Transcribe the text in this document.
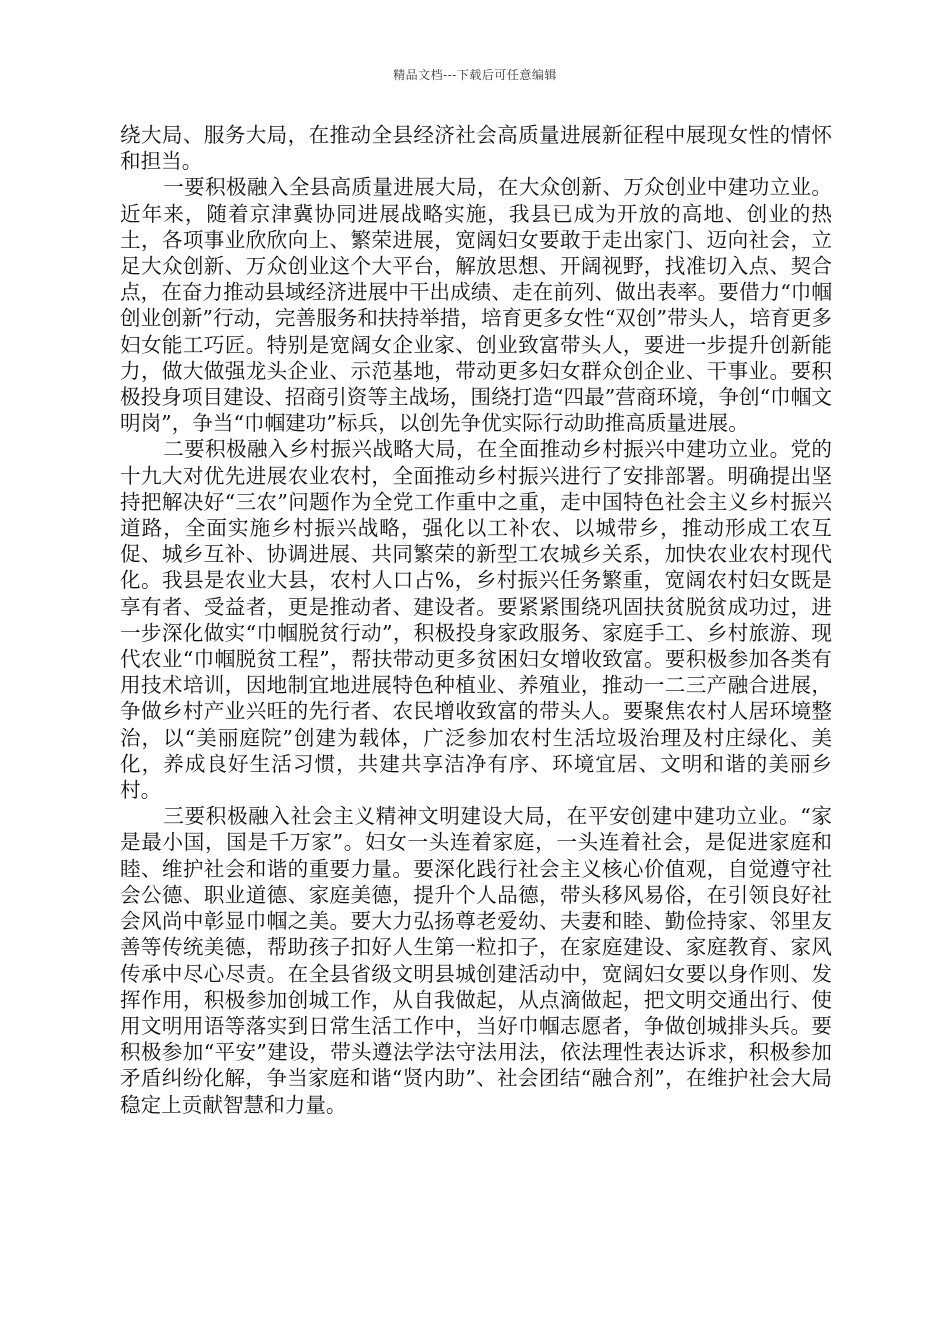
精品文档---下载后可任意编辑

绕大局、服务大局，在推动全县经济社会高质量进展新征程中展现女性的情怀和担当。

一要积极融入全县高质量进展大局，在大众创新、万众创业中建功立业。近年来，随着京津冀协同进展战略实施，我县已成为开放的高地、创业的热土，各项事业欣欣向上、繁荣进展，宽阔妇女要敢于走出家门、迈向社会，立足大众创新、万众创业这个大平台，解放思想、开阔视野，找准切入点、契合点，在奋力推动县域经济进展中干出成绩、走在前列、做出表率。要借力“巾帼创业创新”行动，完善服务和扶持举措，培育更多女性“双创”带头人，培育更多妇女能工巧匠。特别是宽阔女企业家、创业致富带头人，要进一步提升创新能力，做大做强龙头企业、示范基地，带动更多妇女群众创企业、干事业。要积极投身项目建设、招商引资等主战场，围绕打造“四最”营商环境，争创“巾帼文明岗”，争当“巾帼建功”标兵，以创先争优实际行动助推高质量进展。

二要积极融入乡村振兴战略大局，在全面推动乡村振兴中建功立业。党的十九大对优先进展农业农村，全面推动乡村振兴进行了安排部署。明确提出坚持把解决好“三农”问题作为全党工作重中之重，走中国特色社会主义乡村振兴道路，全面实施乡村振兴战略，强化以工补农、以城带乡，推动形成工农互促、城乡互补、协调进展、共同繁荣的新型工农城乡关系，加快农业农村现代化。我县是农业大县，农村人口占%，乡村振兴任务繁重，宽阔农村妇女既是享有者、受益者，更是推动者、建设者。要紧紧围绕巩固扶贫脱贫成功过，进一步深化做实“巾帼脱贫行动”，积极投身家政服务、家庭手工、乡村旅游、现代农业“巾帼脱贫工程”，帮扶带动更多贫困妇女增收致富。要积极参加各类有用技术培训，因地制宜地进展特色种植业、养殖业，推动一二三产融合进展，争做乡村产业兴旺的先行者、农民增收致富的带头人。要聚焦农村人居环境整治，以“美丽庭院”创建为载体，广泛参加农村生活垃圾治理及村庄绿化、美化，养成良好生活习惯，共建共享洁净有序、环境宜居、文明和谐的美丽乡村。

三要积极融入社会主义精神文明建设大局，在平安创建中建功立业。“家是最小国，国是千万家”。妇女一头连着家庭，一头连着社会，是促进家庭和睦、维护社会和谐的重要力量。要深化践行社会主义核心价值观，自觉遵守社会公德、职业道德、家庭美德，提升个人品德，带头移风易俗，在引领良好社会风尚中彰显巾帼之美。要大力弘扬尊老爱幼、夫妻和睦、勤俭持家、邻里友善等传统美德，帮助孩子扣好人生第一粒扣子，在家庭建设、家庭教育、家风传承中尽心尽责。在全县省级文明县城创建活动中，宽阔妇女要以身作则、发挥作用，积极参加创城工作，从自我做起，从点滴做起，把文明交通出行、使用文明用语等落实到日常生活工作中，当好巾帼志愿者，争做创城排头兵。要积极参加“平安”建设，带头遵法学法守法用法，依法理性表达诉求，积极参加矛盾纠纷化解，争当家庭和谐“贤内助”、社会团结“融合剂”，在维护社会大局稳定上贡献智慧和力量。
